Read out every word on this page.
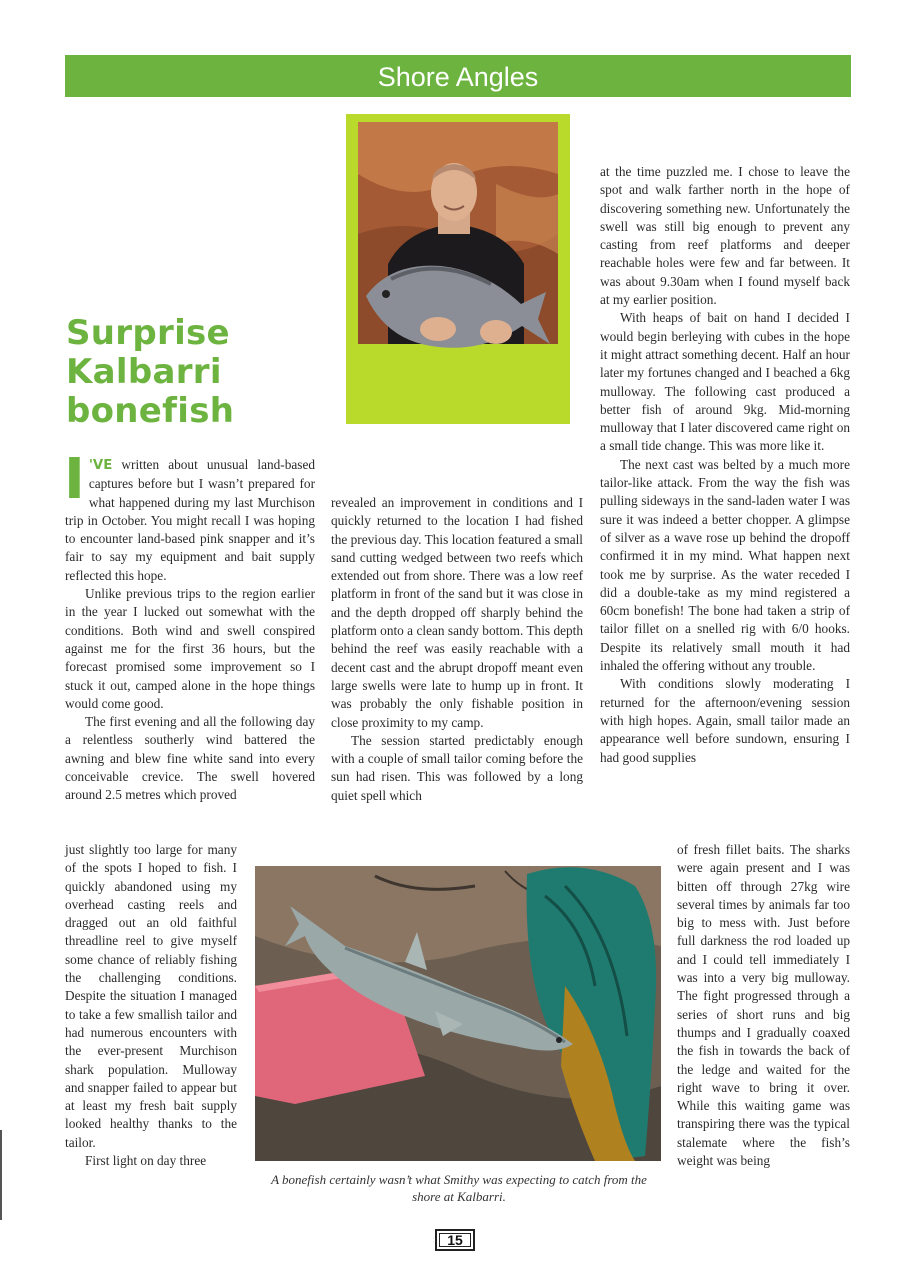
Shore Angles
Surprise
Kalbarri
bonefish

I 'VE written about unusual land-based captures before but I wasn’t prepared for what happened during my last Murchison trip in October. You might recall I was hoping to encounter land-based pink snapper and it’s fair to say my equipment and bait supply reflected this hope.

Unlike previous trips to the region earlier in the year I lucked out somewhat with the conditions. Both wind and swell conspired against me for the first 36 hours, but the forecast promised some improvement so I stuck it out, camped alone in the hope things would come good.

The first evening and all the following day a relentless southerly wind battered the awning and blew fine white sand into every conceivable crevice. The swell hovered around 2.5 metres which proved

just slightly too large for many of the spots I hoped to fish. I quickly abandoned using my overhead casting reels and dragged out an old faithful threadline reel to give myself some chance of reliably fishing the challenging conditions. Despite the situation I managed to take a few smallish tailor and had numerous encounters with the ever-present Murchison shark population. Mulloway and snapper failed to appear but at least my fresh bait supply looked healthy thanks to the tailor.

First light on day three

revealed an improvement in conditions and I quickly returned to the location I had fished the previous day. This location featured a small sand cutting wedged between two reefs which extended out from shore. There was a low reef platform in front of the sand but it was close in and the depth dropped off sharply behind the platform onto a clean sandy bottom. This depth behind the reef was easily reachable with a decent cast and the abrupt dropoff meant even large swells were late to hump up in front. It was probably the only fishable position in close proximity to my camp.

The session started predictably enough with a couple of small tailor coming before the sun had risen. This was followed by a long quiet spell which

at the time puzzled me. I chose to leave the spot and walk farther north in the hope of discovering something new. Unfortunately the swell was still big enough to prevent any casting from reef platforms and deeper reachable holes were few and far between. It was about 9.30am when I found myself back at my earlier position.

With heaps of bait on hand I decided I would begin berleying with cubes in the hope it might attract something decent. Half an hour later my fortunes changed and I beached a 6kg mulloway. The following cast produced a better fish of around 9kg. Mid-morning mulloway that I later discovered came right on a small tide change. This was more like it.

The next cast was belted by a much more tailor-like attack. From the way the fish was pulling sideways in the sand-laden water I was sure it was indeed a better chopper. A glimpse of silver as a wave rose up behind the dropoff confirmed it in my mind. What happen next took me by surprise. As the water receded I did a double-take as my mind registered a 60cm bonefish! The bone had taken a strip of tailor fillet on a snelled rig with 6/0 hooks. Despite its relatively small mouth it had inhaled the offering without any trouble.

With conditions slowly moderating I returned for the afternoon/evening session with high hopes. Again, small tailor made an appearance well before sundown, ensuring I had good supplies

of fresh fillet baits. The sharks were again present and I was bitten off through 27kg wire several times by animals far too big to mess with. Just before full darkness the rod loaded up and I could tell immediately I was into a very big mulloway. The fight progressed through a series of short runs and big thumps and I gradually coaxed the fish in towards the back of the ledge and waited for the right wave to bring it over. While this waiting game was transpiring there was the typical stalemate where the fish’s weight was being

A bonefish certainly wasn’t what Smithy was expecting to catch from the shore at Kalbarri.
15
